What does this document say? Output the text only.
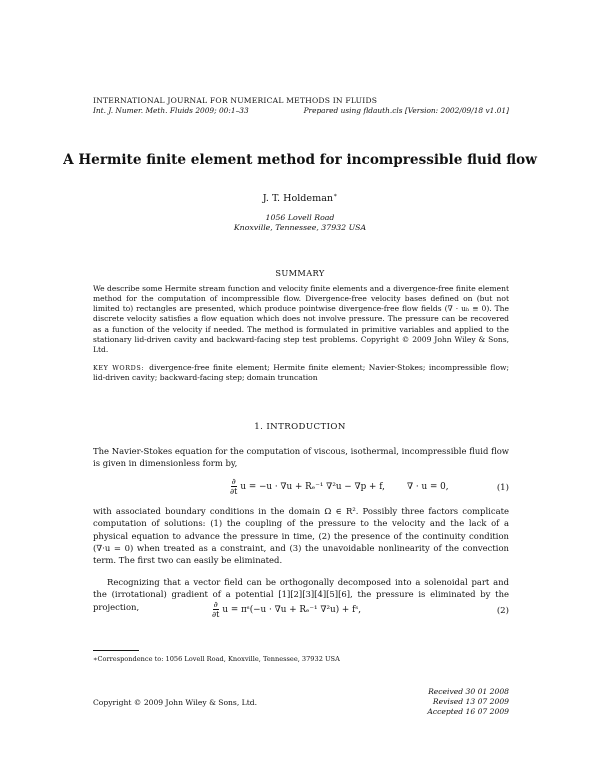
INTERNATIONAL JOURNAL FOR NUMERICAL METHODS IN FLUIDS
Int. J. Numer. Meth. Fluids 2009; 00:1–33	Prepared using fldauth.cls [Version: 2002/09/18 v1.01]
A Hermite finite element method for incompressible fluid flow
J. T. Holdeman∗
1056 Lovell Road
Knoxville, Tennessee, 37932 USA
SUMMARY
We describe some Hermite stream function and velocity finite elements and a divergence-free finite element method for the computation of incompressible flow. Divergence-free velocity bases defined on (but not limited to) rectangles are presented, which produce pointwise divergence-free flow fields (∇ · uₕ ≡ 0). The discrete velocity satisfies a flow equation which does not involve pressure. The pressure can be recovered as a function of the velocity if needed. The method is formulated in primitive variables and applied to the stationary lid-driven cavity and backward-facing step test problems. Copyright © 2009 John Wiley & Sons, Ltd.
KEY WORDS: divergence-free finite element; Hermite finite element; Navier-Stokes; incompressible flow; lid-driven cavity; backward-facing step; domain truncation
1. INTRODUCTION
The Navier-Stokes equation for the computation of viscous, isothermal, incompressible fluid flow is given in dimensionless form by,
$\frac{\partial}{\partial t}$ u = −u · ∇u + Rₑ⁻¹ ∇²u − ∇p + f,	∇ · u = 0,	(1)
with associated boundary conditions in the domain Ω ∈ R². Possibly three factors complicate computation of solutions: (1) the coupling of the pressure to the velocity and the lack of a physical equation to advance the pressure in time, (2) the presence of the continuity condition (∇·u = 0) when treated as a constraint, and (3) the unavoidable nonlinearity of the convection term. The first two can easily be eliminated.
Recognizing that a vector field can be orthogonally decomposed into a solenoidal part and the (irrotational) gradient of a potential [1][2][3][4][5][6], the pressure is eliminated by the projection,	$\frac{\partial}{\partial t}$ u = πˢ(−u · ∇u + Rₑ⁻¹ ∇²u) + fˢ,	(2)
∗Correspondence to: 1056 Lovell Road, Knoxville, Tennessee, 37932 USA
Copyright © 2009 John Wiley & Sons, Ltd.
Received 30 01 2008
Revised 13 07 2009
Accepted 16 07 2009
